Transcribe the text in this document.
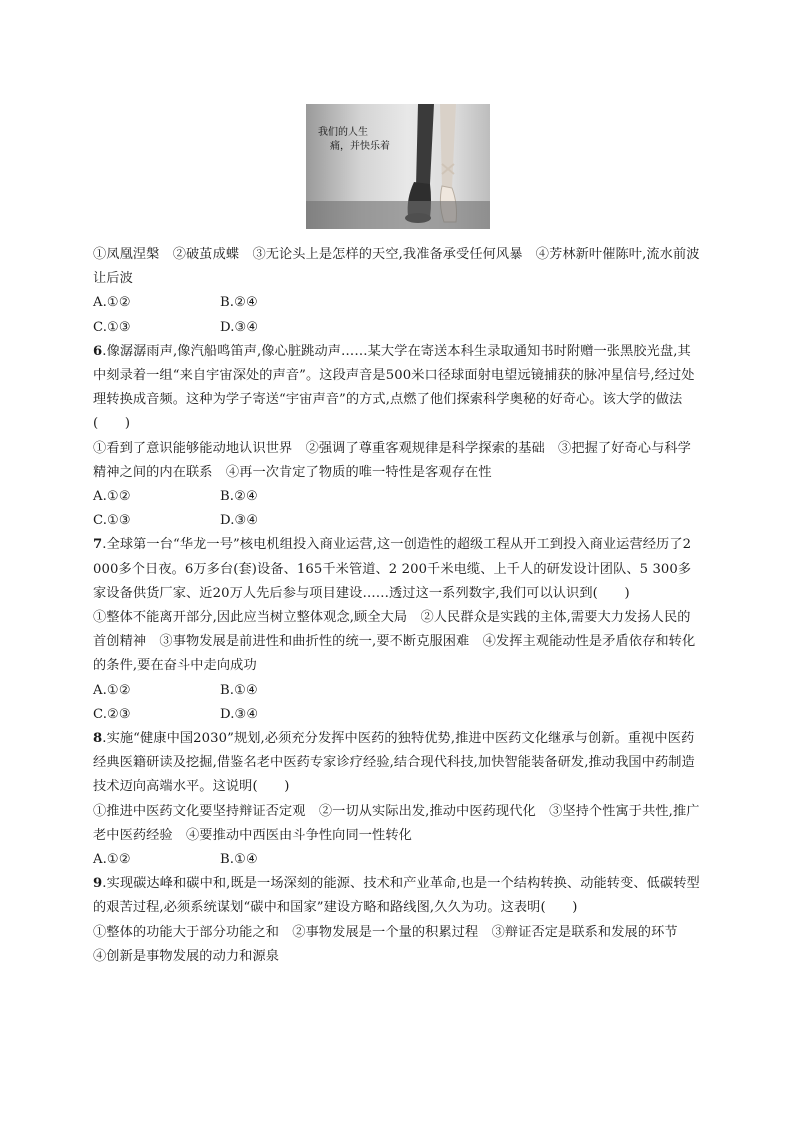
我们的人生
痛，并快乐着

①凤凰涅槃　②破茧成蝶　③无论头上是怎样的天空,我准备承受任何风暴　④芳林新叶催陈叶,流水前波让后波

A.①②	B.②④
C.①③	D.③④

6.像潺潺雨声,像汽船鸣笛声,像心脏跳动声……某大学在寄送本科生录取通知书时附赠一张黑胶光盘,其中刻录着一组“来自宇宙深处的声音”。这段声音是500米口径球面射电望远镜捕获的脉冲星信号,经过处理转换成音频。这种为学子寄送“宇宙声音”的方式,点燃了他们探索科学奥秘的好奇心。该大学的做法(　　)

①看到了意识能够能动地认识世界　②强调了尊重客观规律是科学探索的基础　③把握了好奇心与科学精神之间的内在联系　④再一次肯定了物质的唯一特性是客观存在性

A.①②	B.②④
C.①③	D.③④

7.全球第一台“华龙一号”核电机组投入商业运营,这一创造性的超级工程从开工到投入商业运营经历了2 000多个日夜。6万多台(套)设备、165千米管道、2 200千米电缆、上千人的研发设计团队、5 300多家设备供货厂家、近20万人先后参与项目建设……透过这一系列数字,我们可以认识到(　　)

①整体不能离开部分,因此应当树立整体观念,顾全大局　②人民群众是实践的主体,需要大力发扬人民的首创精神　③事物发展是前进性和曲折性的统一,要不断克服困难　④发挥主观能动性是矛盾依存和转化的条件,要在奋斗中走向成功

A.①②	B.①④
C.②③	D.③④

8.实施“健康中国2030”规划,必须充分发挥中医药的独特优势,推进中医药文化继承与创新。重视中医药经典医籍研读及挖掘,借鉴名老中医药专家诊疗经验,结合现代科技,加快智能装备研发,推动我国中药制造技术迈向高端水平。这说明(　　)

①推进中医药文化要坚持辩证否定观　②一切从实际出发,推动中医药现代化　③坚持个性寓于共性,推广老中医药经验　④要推动中西医由斗争性向同一性转化

A.①②	B.①④

9.实现碳达峰和碳中和,既是一场深刻的能源、技术和产业革命,也是一个结构转换、动能转变、低碳转型的艰苦过程,必须系统谋划“碳中和国家”建设方略和路线图,久久为功。这表明(　　)

①整体的功能大于部分功能之和　②事物发展是一个量的积累过程　③辩证否定是联系和发展的环节

④创新是事物发展的动力和源泉
